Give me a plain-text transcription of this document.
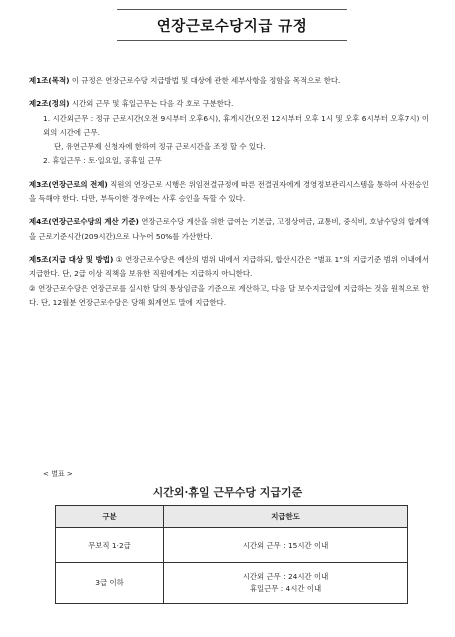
연장근로수당지급 규정
제1조(목적) 이 규정은 연장근로수당 지급방법 및 대상에 관한 세부사항을 정함을 목적으로 한다.
제2조(정의) 시간외 근무 및 휴일근무는 다음 각 호로 구분한다.
1. 시간외근무 : 정규 근로시간(오전 9시부터 오후6시), 휴게시간(오전 12시부터 오후 1시 및 오후 6시부터 오후7시) 이외의 시간에 근무.
단, 유연근무제 신청자에 한하여 정규 근로시간을 조정 할 수 있다.
2. 휴일근무 : 토·일요일, 공휴일 근무
제3조(연장근로의 전제) 직원의 연장근로 시행은 위임전결규정에 따른 전결권자에게 경영정보관리시스템을 통하여 사전승인을 득해야 한다. 다만, 부득이한 경우에는 사후 승인을 득할 수 있다.
제4조(연장근로수당의 계산 기준) 연장근로수당 계산을 위한 급여는 기본급, 고정상여금, 교통비, 중식비, 호남수당의 합계액을 근로기준시간(209시간)으로 나누어 50%를 가산한다.
제5조(지급 대상 및 방법) ① 연장근로수당은 예산의 범위 내에서 지급하되, 합산시간은 “별표 1”의 지급기준 범위 이내에서 지급한다. 단, 2급 이상 직책을 보유한 직원에게는 지급하지 아니한다.
② 연장근로수당은 연장근로를 실시한 달의 통상임금을 기준으로 계산하고, 다음 달 보수지급일에 지급하는 것을 원칙으로 한다. 단, 12월분 연장근로수당은 당해 회계연도 말에 지급한다.
< 별표 >
시간외·휴일 근무수당 지급기준
구분	지급한도
무보직 1·2급	시간외 근무 : 15시간 이내
3급 이하	시간외 근무 : 24시간 이내
휴일근무 : 4시간 이내
